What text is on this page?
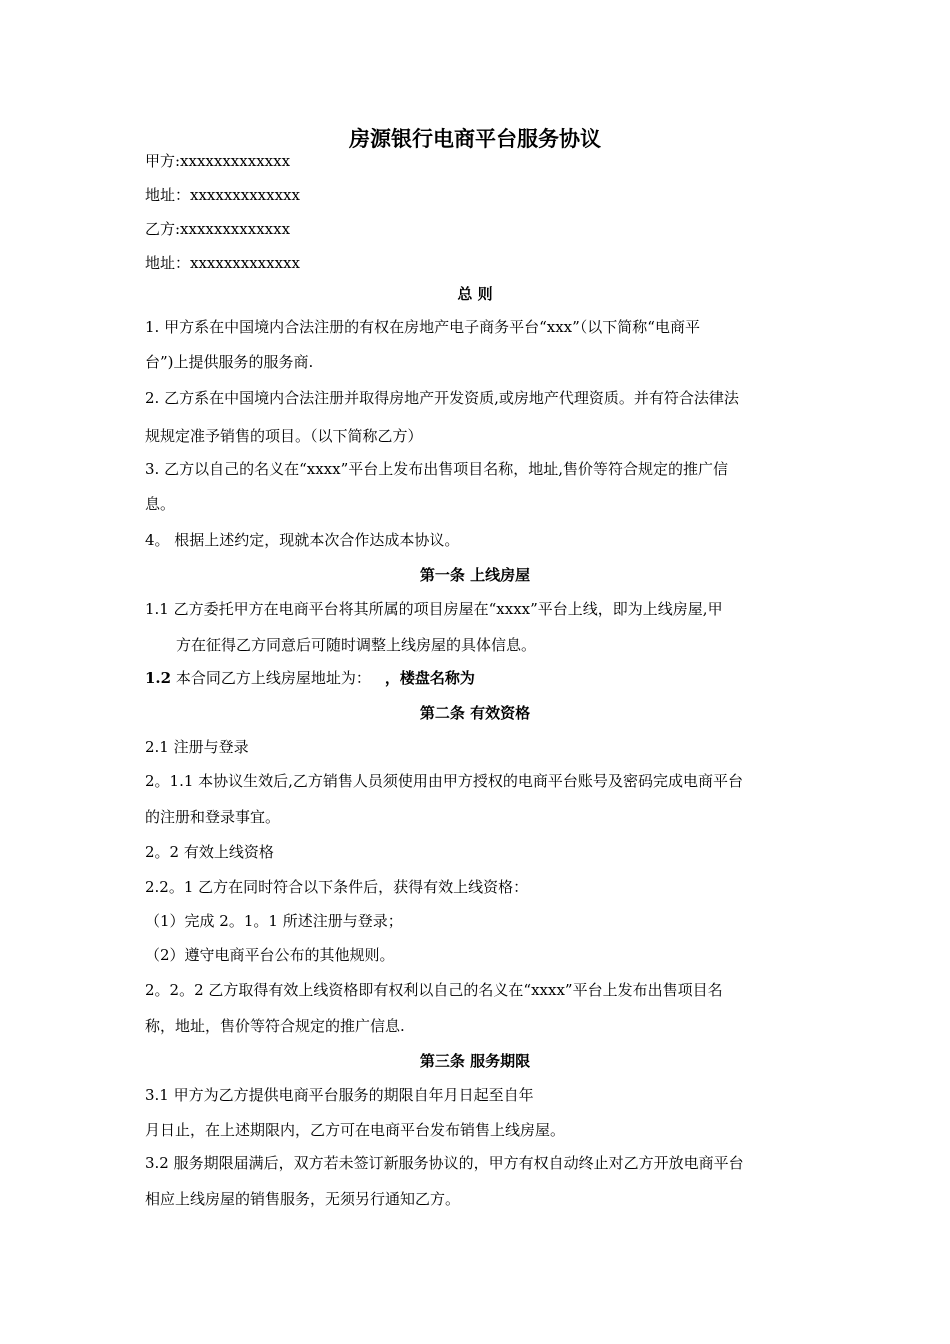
房源银行电商平台服务协议
甲方:xxxxxxxxxxxxx
地址：xxxxxxxxxxxxx
乙方:xxxxxxxxxxxxx
地址：xxxxxxxxxxxxx
总 则
1. 甲方系在中国境内合法注册的有权在房地产电子商务平台“xxx”（以下简称“电商平
台”)上提供服务的服务商.
2. 乙方系在中国境内合法注册并取得房地产开发资质,或房地产代理资质。并有符合法律法
规规定准予销售的项目。（以下简称乙方）
3. 乙方以自己的名义在“xxxx”平台上发布出售项目名称，地址,售价等符合规定的推广信
息。
4。 根据上述约定，现就本次合作达成本协议。
第一条 上线房屋
1.1 乙方委托甲方在电商平台将其所属的项目房屋在“xxxx”平台上线，即为上线房屋,甲
方在征得乙方同意后可随时调整上线房屋的具体信息。
1.2 本合同乙方上线房屋地址为： ，楼盘名称为
第二条 有效资格
2.1 注册与登录
2。1.1 本协议生效后,乙方销售人员须使用由甲方授权的电商平台账号及密码完成电商平台
的注册和登录事宜。
2。2 有效上线资格
2.2。1 乙方在同时符合以下条件后，获得有效上线资格：
（1）完成 2。1。1 所述注册与登录；
（2）遵守电商平台公布的其他规则。
2。2。2 乙方取得有效上线资格即有权利以自己的名义在“xxxx”平台上发布出售项目名
称，地址，售价等符合规定的推广信息.
第三条 服务期限
3.1 甲方为乙方提供电商平台服务的期限自年月日起至自年
月日止，在上述期限内，乙方可在电商平台发布销售上线房屋。
3.2 服务期限届满后，双方若未签订新服务协议的，甲方有权自动终止对乙方开放电商平台
相应上线房屋的销售服务，无须另行通知乙方。
